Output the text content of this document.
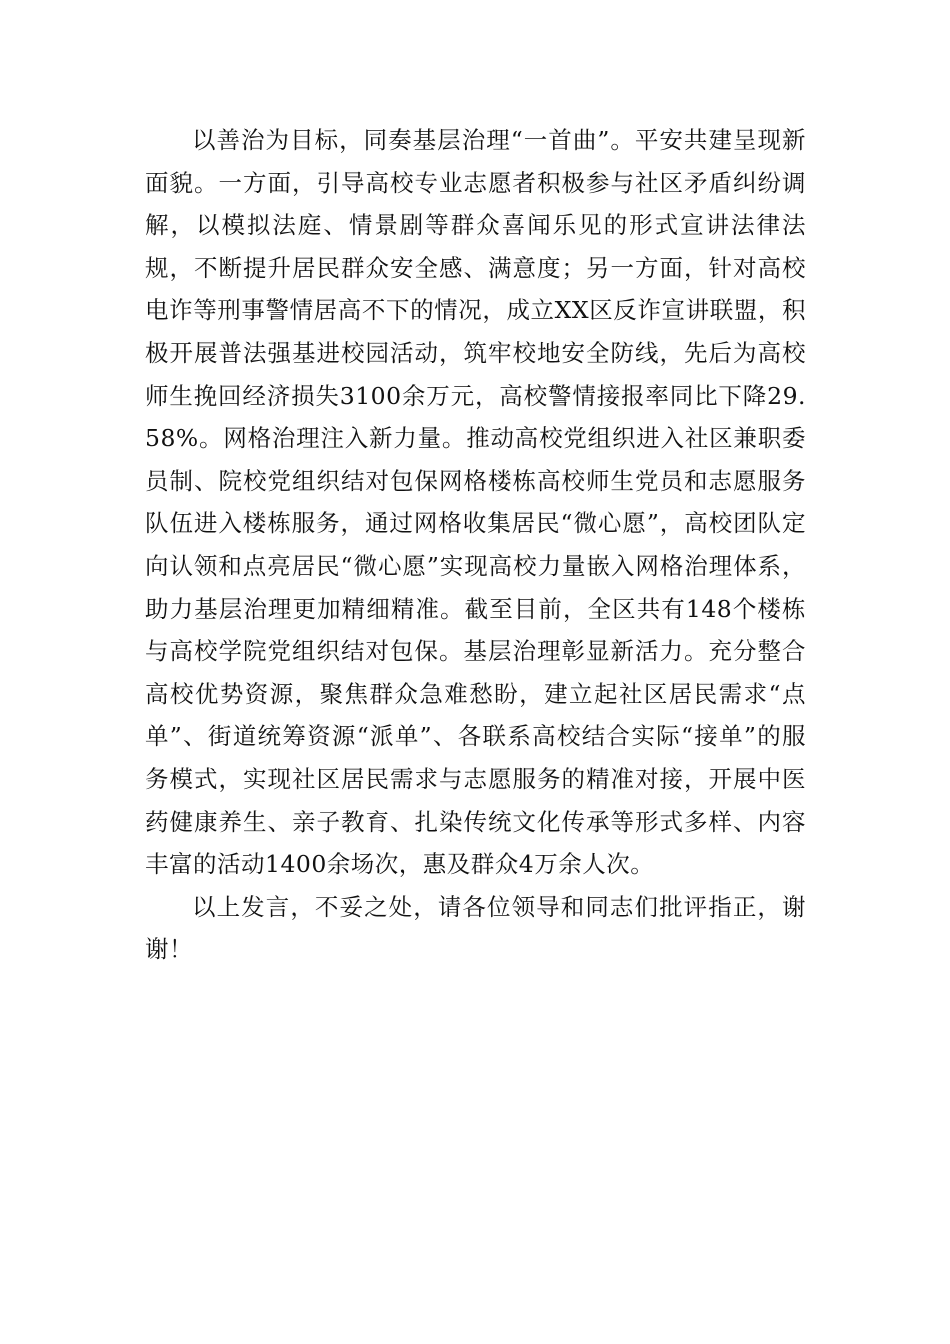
以善治为目标，同奏基层治理“一首曲”。平安共建呈现新面貌。一方面，引导高校专业志愿者积极参与社区矛盾纠纷调解，以模拟法庭、情景剧等群众喜闻乐见的形式宣讲法律法规，不断提升居民群众安全感、满意度；另一方面，针对高校电诈等刑事警情居高不下的情况，成立XX区反诈宣讲联盟，积极开展普法强基进校园活动，筑牢校地安全防线，先后为高校师生挽回经济损失3100余万元，高校警情接报率同比下降29.58%。网格治理注入新力量。推动高校党组织进入社区兼职委员制、院校党组织结对包保网格楼栋高校师生党员和志愿服务队伍进入楼栋服务，通过网格收集居民“微心愿”，高校团队定向认领和点亮居民“微心愿”实现高校力量嵌入网格治理体系，助力基层治理更加精细精准。截至目前，全区共有148个楼栋与高校学院党组织结对包保。基层治理彰显新活力。充分整合高校优势资源，聚焦群众急难愁盼，建立起社区居民需求“点单”、街道统筹资源“派单”、各联系高校结合实际“接单”的服务模式，实现社区居民需求与志愿服务的精准对接，开展中医药健康养生、亲子教育、扎染传统文化传承等形式多样、内容丰富的活动1400余场次，惠及群众4万余人次。

以上发言，不妥之处，请各位领导和同志们批评指正，谢谢！
